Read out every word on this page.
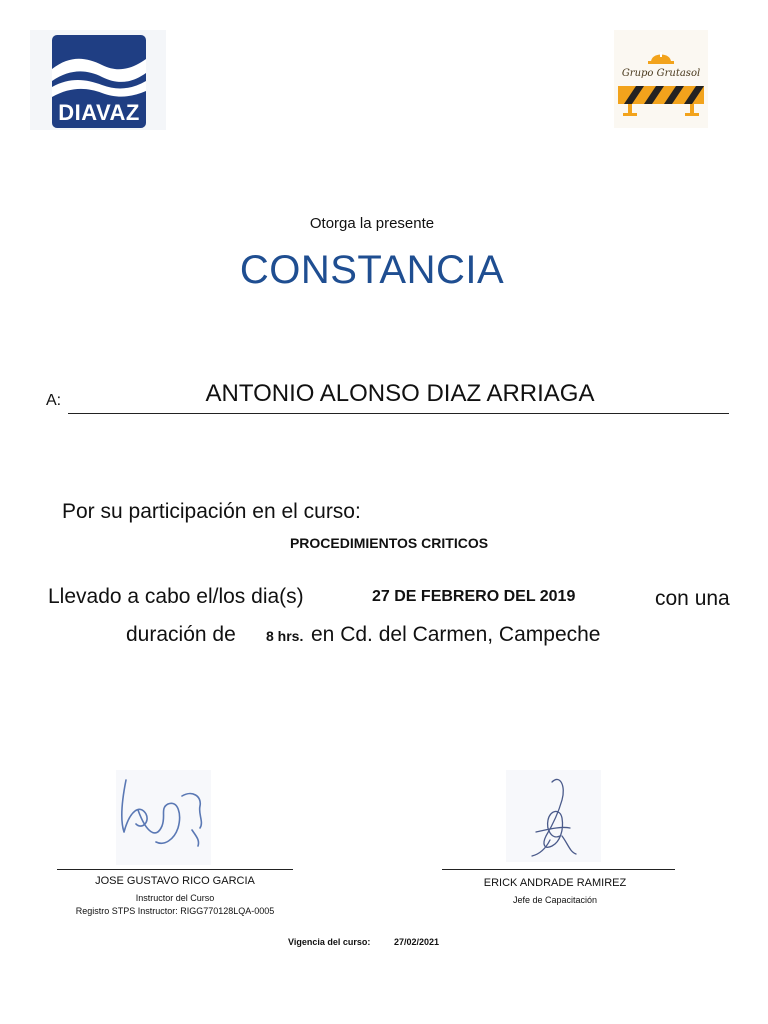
DIAVAZ
Grupo Grutasol
Otorga la presente
CONSTANCIA
A:	ANTONIO ALONSO DIAZ ARRIAGA
Por su participación en el curso:
PROCEDIMIENTOS CRITICOS
Llevado a cabo el/los dia(s)	27 DE FEBRERO DEL 2019	con una
duración de 8 hrs. en Cd. del Carmen, Campeche
JOSE GUSTAVO RICO GARCIA
Instructor del Curso
Registro STPS Instructor: RIGG770128LQA-0005
ERICK ANDRADE RAMIREZ
Jefe de Capacitación
Vigencia del curso:	27/02/2021
